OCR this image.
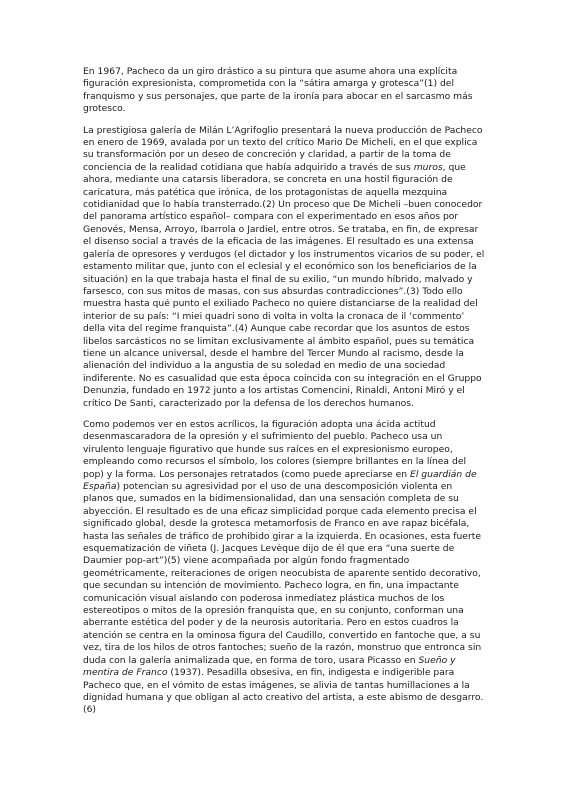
En 1967, Pacheco da un giro drástico a su pintura que asume ahora una explícita figuración expresionista, comprometida con la “sátira amarga y grotesca”(1) del franquismo y sus personajes, que parte de la ironía para abocar en el sarcasmo más grotesco.

La prestigiosa galería de Milán L’Agrifoglio presentará la nueva producción de Pacheco en enero de 1969, avalada por un texto del crítico Mario De Micheli, en el que explica su transformación por un deseo de concreción y claridad, a partir de la toma de conciencia de la realidad cotidiana que había adquirido a través de sus muros, que ahora, mediante una catarsis liberadora, se concreta en una hostil figuración de caricatura, más patética que irónica, de los protagonistas de aquella mezquina cotidianidad que lo había transterrado.(2) Un proceso que De Micheli –buen conocedor del panorama artístico español– compara con el experimentado en esos años por Genovés, Mensa, Arroyo, Ibarrola o Jardiel, entre otros. Se trataba, en fin, de expresar el disenso social a través de la eficacia de las imágenes. El resultado es una extensa galería de opresores y verdugos (el dictador y los instrumentos vicarios de su poder, el estamento militar que, junto con el eclesial y el económico son los beneficiarios de la situación) en la que trabaja hasta el final de su exilio, “un mundo híbrido, malvado y farsesco, con sus mitos de masas, con sus absurdas contradicciones”.(3) Todo ello muestra hasta qué punto el exiliado Pacheco no quiere distanciarse de la realidad del interior de su país: “I miei quadri sono di volta in volta la cronaca de il ‘commento’ della vita del regime franquista”.(4) Aunque cabe recordar que los asuntos de estos libelos sarcásticos no se limitan exclusivamente al ámbito español, pues su temática tiene un alcance universal, desde el hambre del Tercer Mundo al racismo, desde la alienación del individuo a la angustia de su soledad en medio de una sociedad indiferente. No es casualidad que esta época coincida con su integración en el Gruppo Denunzia, fundado en 1972 junto a los artistas Comencini, Rinaldi, Antoni Miró y el crítico De Santi, caracterizado por la defensa de los derechos humanos.

Como podemos ver en estos acrílicos, la figuración adopta una ácida actitud desenmascaradora de la opresión y el sufrimiento del pueblo. Pacheco usa un virulento lenguaje figurativo que hunde sus raíces en el expresionismo europeo, empleando como recursos el símbolo, los colores (siempre brillantes en la línea del pop) y la forma. Los personajes retratados (como puede apreciarse en El guardián de España) potencian su agresividad por el uso de una descomposición violenta en planos que, sumados en la bidimensionalidad, dan una sensación completa de su abyección. El resultado es de una eficaz simplicidad porque cada elemento precisa el significado global, desde la grotesca metamorfosis de Franco en ave rapaz bicéfala, hasta las señales de tráfico de prohibido girar a la izquierda. En ocasiones, esta fuerte esquematización de viñeta (J. Jacques Levèque dijo de él que era “una suerte de Daumier pop-art”)(5) viene acompañada por algún fondo fragmentado geométricamente, reiteraciones de origen neocubista de aparente sentido decorativo, que secundan su intención de movimiento. Pacheco logra, en fin, una impactante comunicación visual aislando con poderosa inmediatez plástica muchos de los estereotipos o mitos de la opresión franquista que, en su conjunto, conforman una aberrante estética del poder y de la neurosis autoritaria. Pero en estos cuadros la atención se centra en la ominosa figura del Caudillo, convertido en fantoche que, a su vez, tira de los hilos de otros fantoches; sueño de la razón, monstruo que entronca sin duda con la galería animalizada que, en forma de toro, usara Picasso en Sueño y mentira de Franco (1937). Pesadilla obsesiva, en fin, indigesta e indigerible para Pacheco que, en el vómito de estas imágenes, se alivia de tantas humillaciones a la dignidad humana y que obligan al acto creativo del artista, a este abismo de desgarro.(6)
